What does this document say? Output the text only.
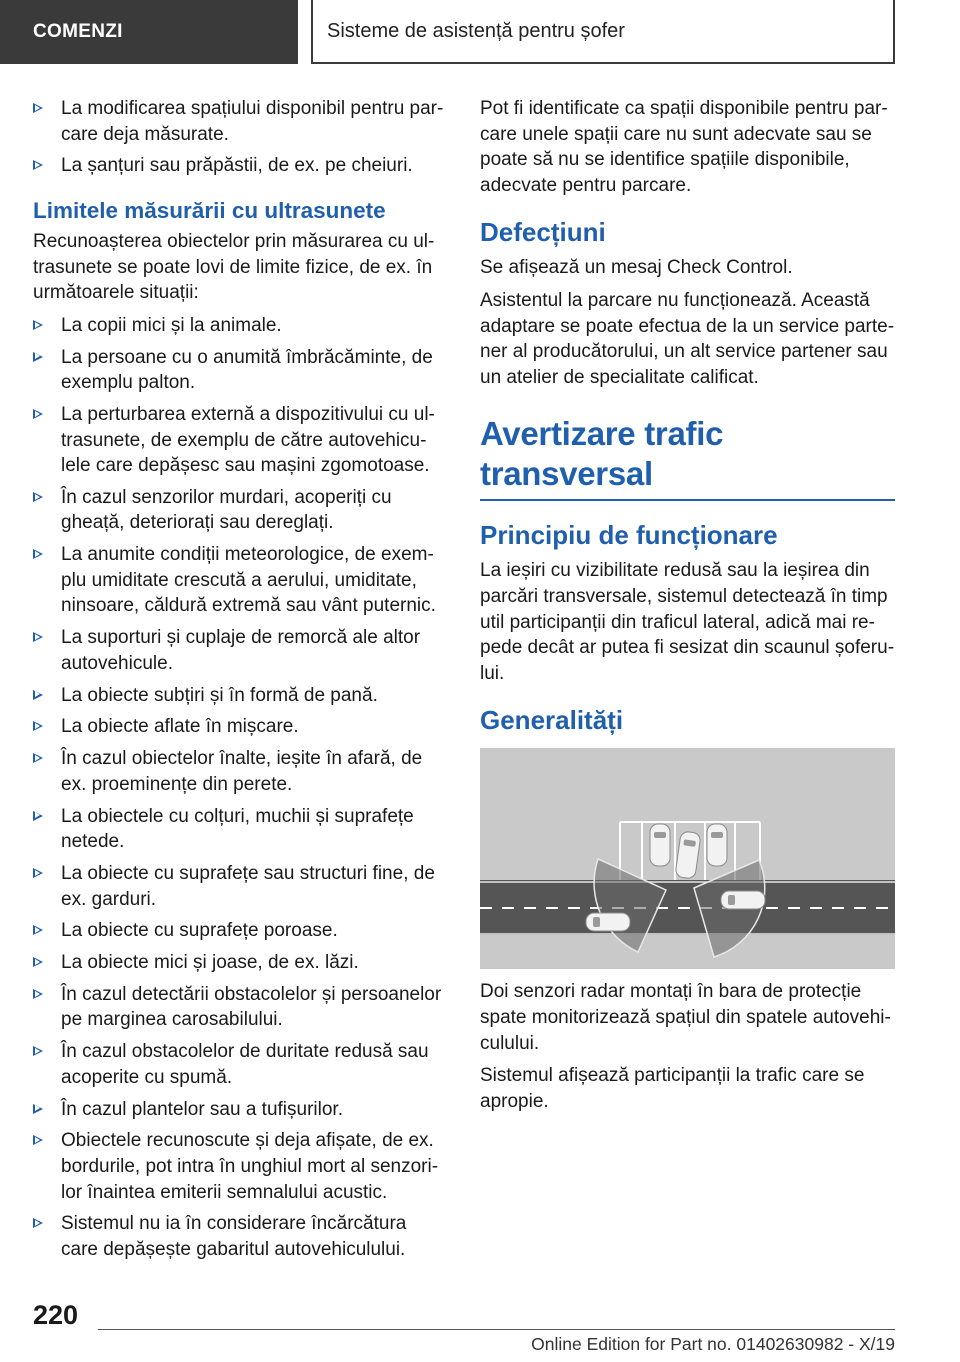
COMENZI	Sisteme de asistență pentru șofer
La modificarea spațiului disponibil pentru par-care deja măsurate.
La șanțuri sau prăpăstii, de ex. pe cheiuri.
Limitele măsurării cu ultrasunete

Recunoașterea obiectelor prin măsurarea cu ul-trasunete se poate lovi de limite fizice, de ex. în următoarele situații:

La copii mici și la animale.
La persoane cu o anumită îmbrăcăminte, de exemplu palton.
La perturbarea externă a dispozitivului cu ul-trasunete, de exemplu de către autovehicu-lele care depășesc sau mașini zgomotoase.
În cazul senzorilor murdari, acoperiți cu gheață, deteriorați sau dereglați.
La anumite condiții meteorologice, de exem-plu umiditate crescută a aerului, umiditate, ninsoare, căldură extremă sau vânt puternic.
La suporturi și cuplaje de remorcă ale altor autovehicule.
La obiecte subțiri și în formă de pană.
La obiecte aflate în mișcare.
În cazul obiectelor înalte, ieșite în afară, de ex. proeminențe din perete.
La obiectele cu colțuri, muchii și suprafețe netede.
La obiecte cu suprafețe sau structuri fine, de ex. garduri.
La obiecte cu suprafețe poroase.
La obiecte mici și joase, de ex. lăzi.
În cazul detectării obstacolelor și persoanelor pe marginea carosabilului.
În cazul obstacolelor de duritate redusă sau acoperite cu spumă.
În cazul plantelor sau a tufișurilor.
Obiectele recunoscute și deja afișate, de ex. bordurile, pot intra în unghiul mort al senzori-lor înaintea emiterii semnalului acustic.
Sistemul nu ia în considerare încărcătura care depășește gabaritul autovehiculului.

Pot fi identificate ca spații disponibile pentru par-care unele spații care nu sunt adecvate sau se poate să nu se identifice spațiile disponibile, adecvate pentru parcare.

Defecțiuni

Se afișează un mesaj Check Control.

Asistentul la parcare nu funcționează. Această adaptare se poate efectua de la un service parte-ner al producătorului, un alt service partener sau un atelier de specialitate calificat.

Avertizare trafic transversal
Principiu de funcționare

La ieșiri cu vizibilitate redusă sau la ieșirea din parcări transversale, sistemul detectează în timp util participanții din traficul lateral, adică mai re-pede decât ar putea fi sesizat din scaunul șoferu-lui.

Generalități

Doi senzori radar montați în bara de protecție spate monitorizează spațiul din spatele autovehi-culului.

Sistemul afișează participanții la trafic care se apropie.

220
Online Edition for Part no. 01402630982 - X/19
